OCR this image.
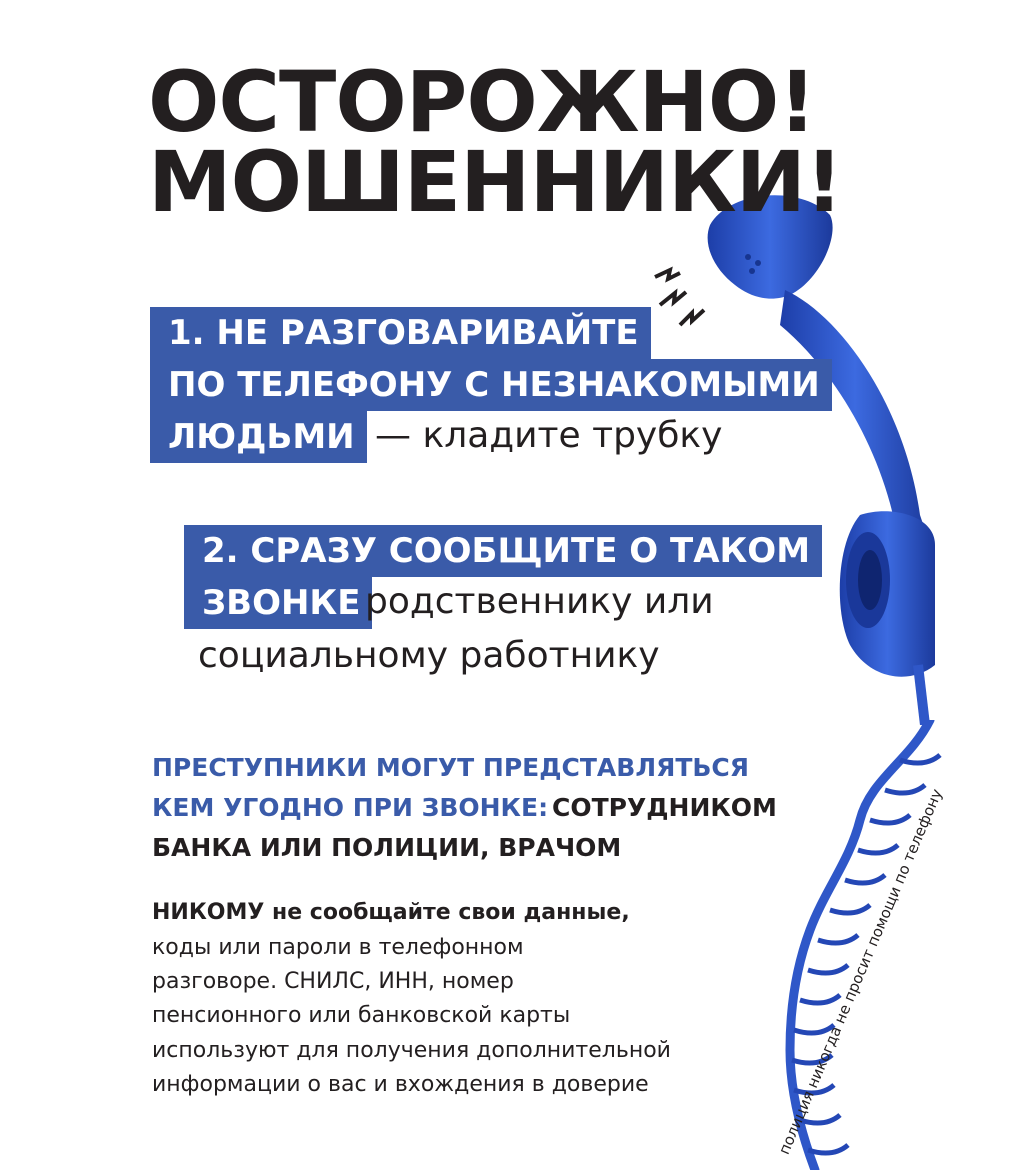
ОСТОРОЖНО!
МОШЕННИКИ!
1. НЕ РАЗГОВАРИВАЙТЕ
ПО ТЕЛЕФОНУ С НЕЗНАКОМЫМИ
ЛЮДЬМИ — кладите трубку
2. СРАЗУ СООБЩИТЕ О ТАКОМ
ЗВОНКЕ родственнику или
социальному работнику
ПРЕСТУПНИКИ МОГУТ ПРЕДСТАВЛЯТЬСЯ
КЕМ УГОДНО ПРИ ЗВОНКЕ: СОТРУДНИКОМ
БАНКА ИЛИ ПОЛИЦИИ, ВРАЧОМ
НИКОМУ не сообщайте свои данные,
коды или пароли в телефонном
разговоре. СНИЛС, ИНН, номер
пенсионного или банковской карты
используют для получения дополнительной
информации о вас и вхождения в доверие	полиция никогда не просит помощи по телефону
